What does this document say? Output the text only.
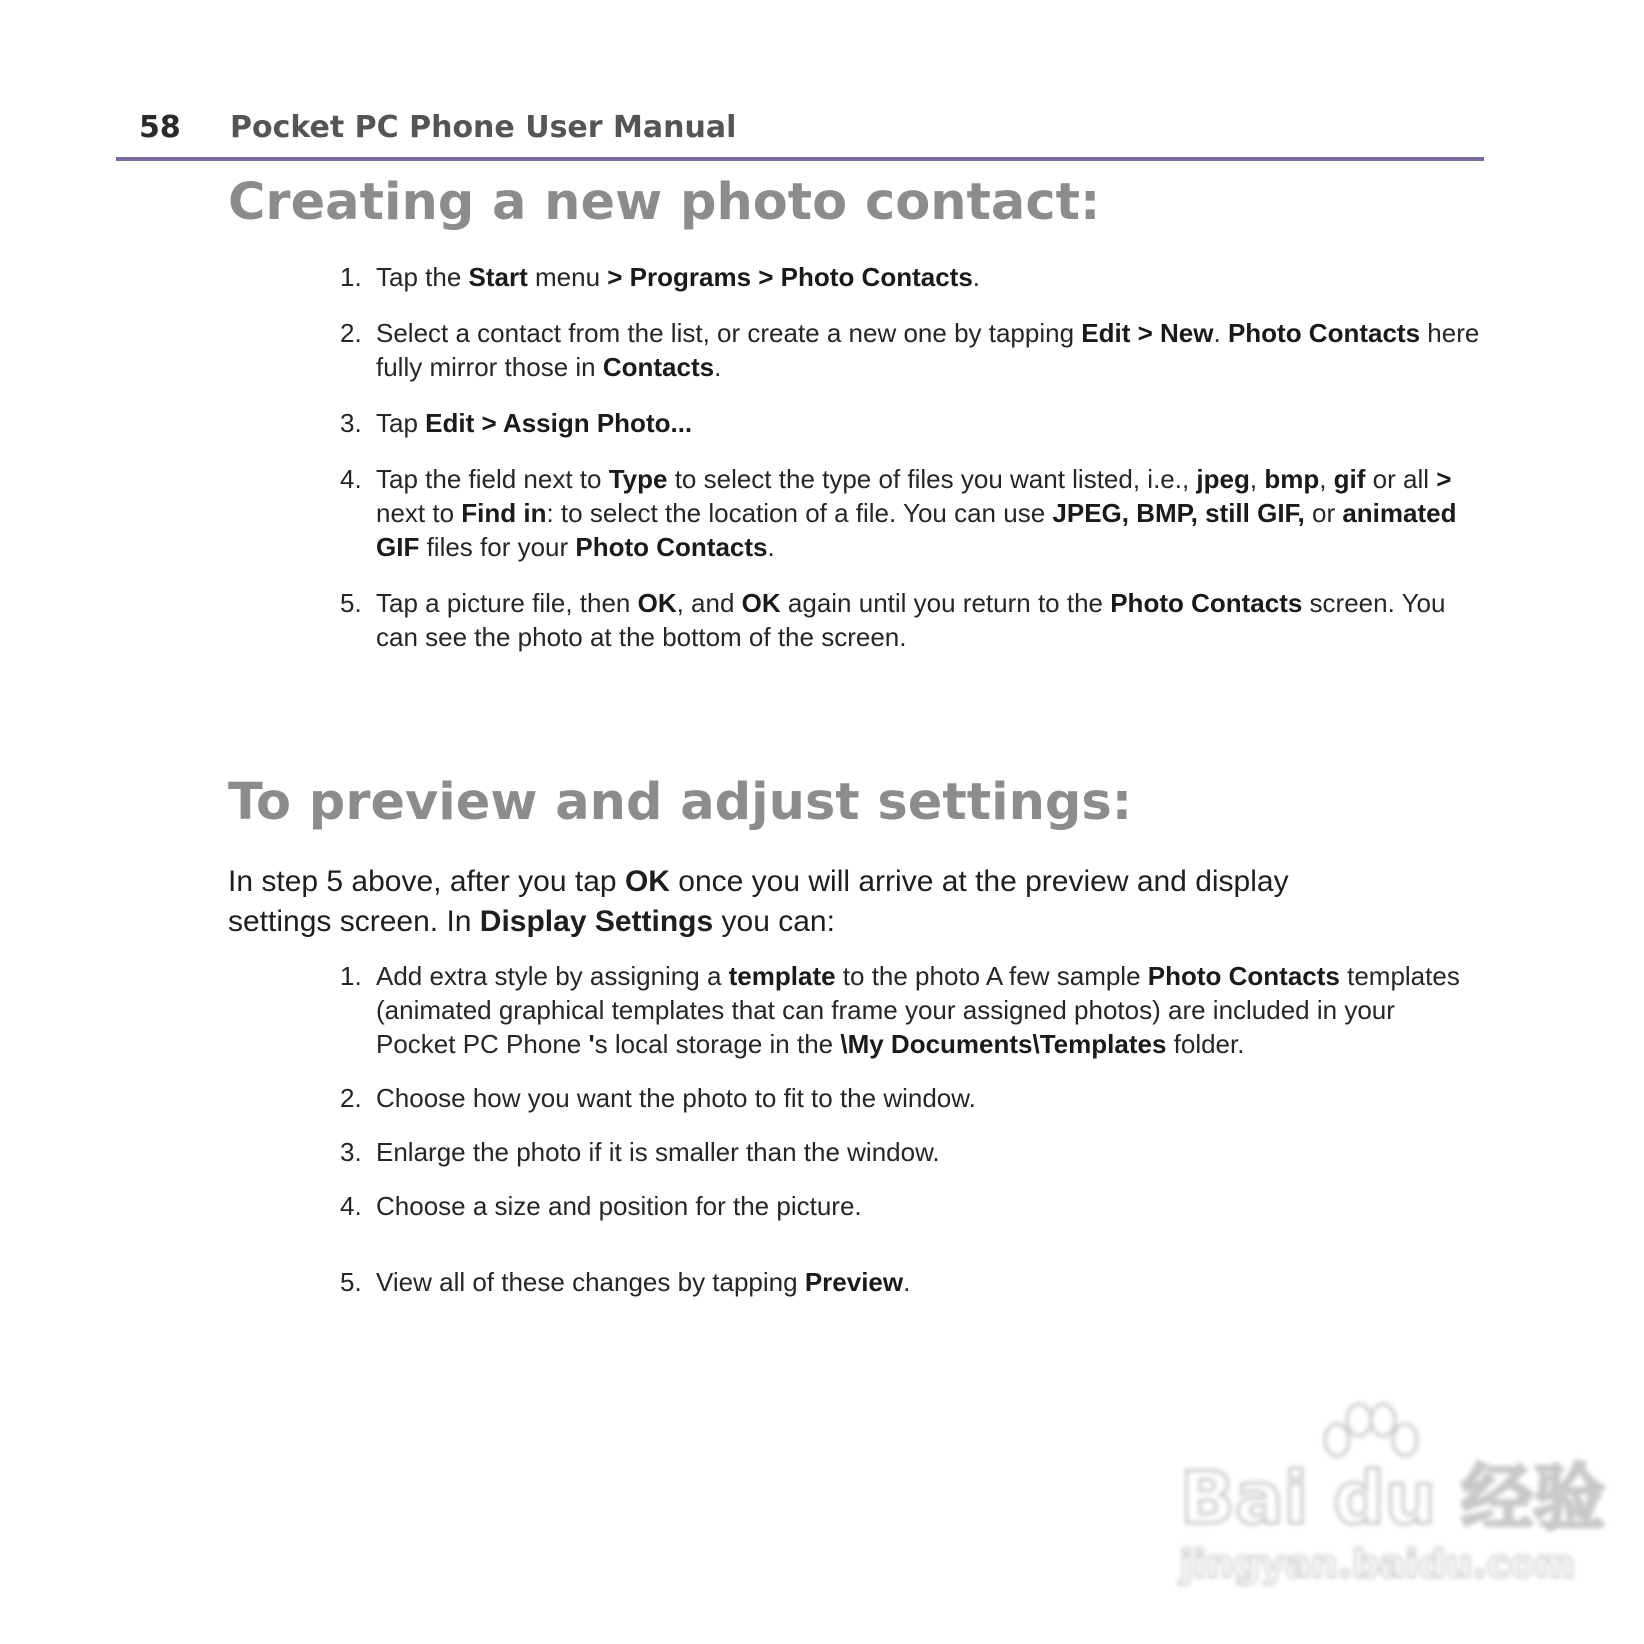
58 Pocket PC Phone User Manual
Creating a new photo contact:
1. Tap the Start menu > Programs > Photo Contacts.
2. Select a contact from the list, or create a new one by tapping Edit > New. Photo Contacts here fully mirror those in Contacts.
3. Tap Edit > Assign Photo...
4. Tap the field next to Type to select the type of files you want listed, i.e., jpeg, bmp, gif or all > next to Find in: to select the location of a file. You can use JPEG, BMP, still GIF, or animated GIF files for your Photo Contacts.
5. Tap a picture file, then OK, and OK again until you return to the Photo Contacts screen. You can see the photo at the bottom of the screen.
To preview and adjust settings:
In step 5 above, after you tap OK once you will arrive at the preview and display settings screen. In Display Settings you can:
1. Add extra style by assigning a template to the photo A few sample Photo Contacts templates (animated graphical templates that can frame your assigned photos) are included in your Pocket PC Phone 's local storage in the \My Documents\Templates folder.
2. Choose how you want the photo to fit to the window.
3. Enlarge the photo if it is smaller than the window.
4. Choose a size and position for the picture.
5. View all of these changes by tapping Preview.
Bai du 经验
jingyan.baidu.com
